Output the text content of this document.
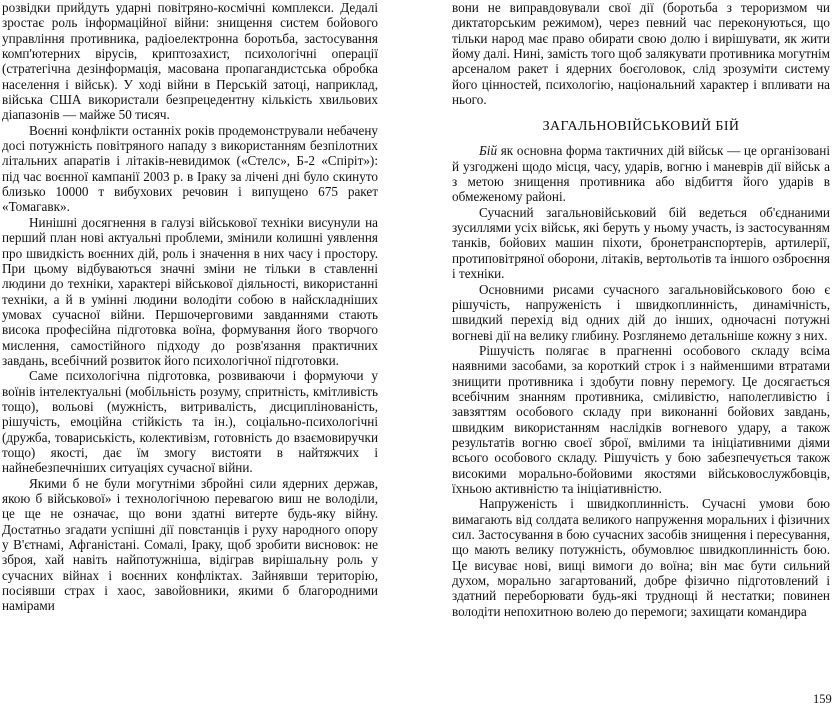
розвідки прийдуть ударні повітряно-космічні комплекси. Дедалі зростає роль інформаційної війни: знищення систем бойового управління противника, радіоелектронна боротьба, застосування комп'ютерних вірусів, криптозахист, психологічні операції (стратегічна дезінформація, масована пропагандистська обробка населення і військ). У ході війни в Перській затоці, наприклад, війська США використали безпрецедентну кількість хвильових діапазонів — майже 50 тисяч.

Воєнні конфлікти останніх років продемонстрували небачену досі потужність повітряного нападу з використанням безпілотних літальних апаратів і літаків-невидимок («Стелс», Б-2 «Спіріт»): під час воєнної кампанії 2003 р. в Іраку за лічені дні було скинуто близько 10000 т вибухових речовин і випущено 675 ракет «Томагавк».

Нинішні досягнення в галузі військової техніки висунули на перший план нові актуальні проблеми, змінили колишні уявлення про швидкість воєнних дій, роль і значення в них часу і простору. При цьому відбуваються значні зміни не тільки в ставленні людини до техніки, характері військової діяльності, використанні техніки, а й в умінні людини володіти собою в найскладніших умовах сучасної війни. Першочерговими завданнями стають висока професійна підготовка воїна, формування його творчого мислення, самостійного підходу до розв'язання практичних завдань, всебічний розвиток його психологічної підготовки.

Саме психологічна підготовка, розвиваючи і формуючи у воїнів інтелектуальні (мобільність розуму, спритність, кмітливість тощо), вольові (мужність, витривалість, дисциплінованість, рішучість, емоційна стійкість та ін.), соціально-психологічні (дружба, товариськість, колективізм, готовність до взаємовиручки тощо) якості, дає їм змогу вистояти в найтяжчих і найнебезпечніших ситуаціях сучасної війни.

Якими б не були могутніми збройні сили ядерних держав, якою б військової» і технологічною перевагою виш не володіли, це ще не означає, що вони здатні витерте будь-яку війну. Достатньо згадати успішні дії повстанців і руху народного опору у В'єтнамі, Афганістані. Сомалі, Іраку, щоб зробити висновок: не зброя, хай навіть найпотужніша, відіграв вирішальну роль у сучасних війнах і воєнних конфліктах. Зайнявши територію, посіявши страх і хаос, завойовники, якими б благородними намірами

вони не виправдовували свої дії (боротьба з тероризмом чи диктаторським режимом), через певний час переконуються, що тільки народ має право обирати свою долю і вирішувати, як жити йому далі. Нині, замість того щоб залякувати противника могутнім арсеналом ракет і ядерних боєголовок, слід зрозуміти систему його цінностей, психологію, національний характер і впливати на нього.

ЗАГАЛЬНОВІЙСЬКОВИЙ БІЙ

Бій як основна форма тактичних дій військ — це організовані й узгоджені щодо місця, часу, ударів, вогню і маневрів дії військ а з метою знищення противника або відбиття його ударів в обмеженому районі.

Сучасний загальновійськовий бій ведеться об'єднаними зусиллями усіх військ, які беруть у ньому участь, із застосуванням танків, бойових машин піхоти, бронетранспортерів, артилерії, протиповітряної оборони, літаків, вертольотів та іншого озброєння і техніки.

Основними рисами сучасного загальновійськового бою є рішучість, напруженість і швидкоплинність, динамічність, швидкий перехід від одних дій до інших, одночасні потужні вогневі дії на велику глибину. Розглянемо детальніше кожну з них.

Рішучість полягає в прагненні особового складу всіма наявними засобами, за короткий строк і з найменшими втратами знищити противника і здобути повну перемогу. Це досягається всебічним знанням противника, сміливістю, наполегливістю і завзяттям особового складу при виконанні бойових завдань, швидким використанням наслідків вогневого удару, а також результатів вогню своєї зброї, вмілими та ініціативними діями всього особового складу. Рішучість у бою забезпечується також високими морально-бойовими якостями військовослужбовців, їхньою активністю та ініціативністю.

Напруженість і швидкоплинність. Сучасні умови бою вимагають від солдата великого напруження моральних і фізичних сил. Застосування в бою сучасних засобів знищення і пересування, що мають велику потужність, обумовлює швидкоплинність бою. Це висуває нові, вищі вимоги до воїна; він має бути сильний духом, морально загартований, добре фізично підготовлений і здатний переборювати будь-які труднощі й нестатки; повинен володіти непохитною волею до перемоги; захищати командира

159
